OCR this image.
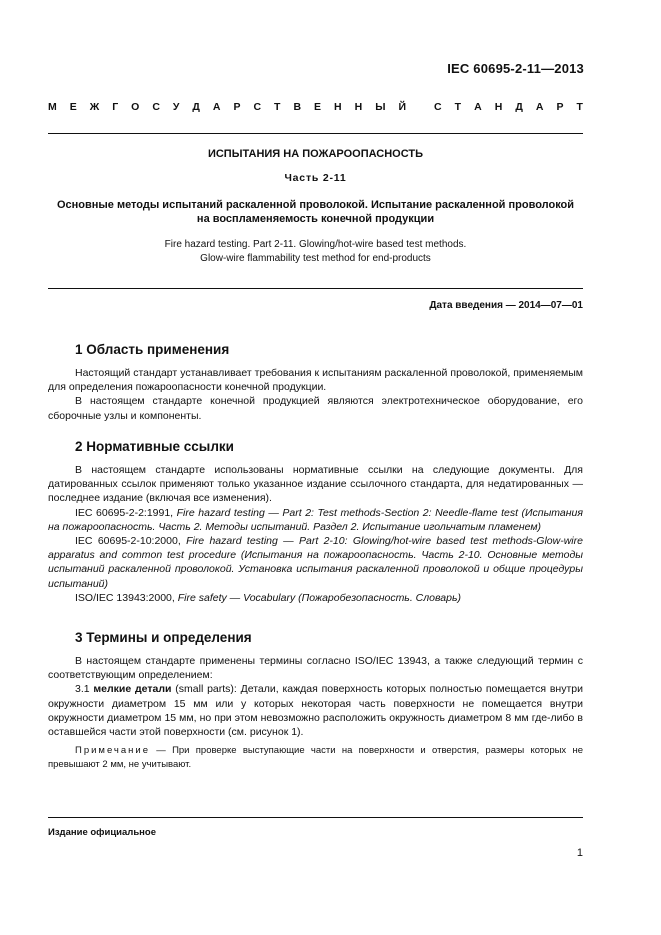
IEC 60695-2-11—2013
М Е Ж Г О С У Д А Р С Т В Е Н Н Ы Й	С Т А Н Д А Р Т
ИСПЫТАНИЯ НА ПОЖАРООПАСНОСТЬ
Часть 2-11
Основные методы испытаний раскаленной проволокой. Испытание раскаленной проволокой
на воспламеняемость конечной продукции
Fire hazard testing. Part 2-11. Glowing/hot-wire based test methods.
Glow-wire flammability test method for end-products
Дата введения — 2014—07—01
1 Область применения

Настоящий стандарт устанавливает требования к испытаниям раскаленной проволокой, применяемым для определения пожароопасности конечной продукции.

В настоящем стандарте конечной продукцией являются электротехническое оборудование, его сборочные узлы и компоненты.

2 Нормативные ссылки

В настоящем стандарте использованы нормативные ссылки на следующие документы. Для датированных ссылок применяют только указанное издание ссылочного стандарта, для недатированных — последнее издание (включая все изменения).

IEC 60695-2-2:1991, Fire hazard testing — Part 2: Test methods-Section 2: Needle-flame test (Испытания на пожароопасность. Часть 2. Методы испытаний. Раздел 2. Испытание игольчатым пламенем)

IEC 60695-2-10:2000, Fire hazard testing — Part 2-10: Glowing/hot-wire based test methods-Glow-wire apparatus and common test procedure (Испытания на пожароопасность. Часть 2-10. Основные методы испытаний раскаленной проволокой. Установка испытания раскаленной проволокой и общие процедуры испытаний)

ISO/IEC 13943:2000, Fire safety — Vocabulary (Пожаробезопасность. Словарь)

3 Термины и определения

В настоящем стандарте применены термины согласно ISO/IEC 13943, а также следующий термин с соответствующим определением:

3.1 мелкие детали (small parts): Детали, каждая поверхность которых полностью помещается внутри окружности диаметром 15 мм или у которых некоторая часть поверхности не помещается внутри окружности диаметром 15 мм, но при этом невозможно расположить окружность диаметром 8 мм где-либо в оставшейся части этой поверхности (см. рисунок 1).

Примечание — При проверке выступающие части на поверхности и отверстия, размеры которых не превышают 2 мм, не учитывают.

Издание официальное
1
